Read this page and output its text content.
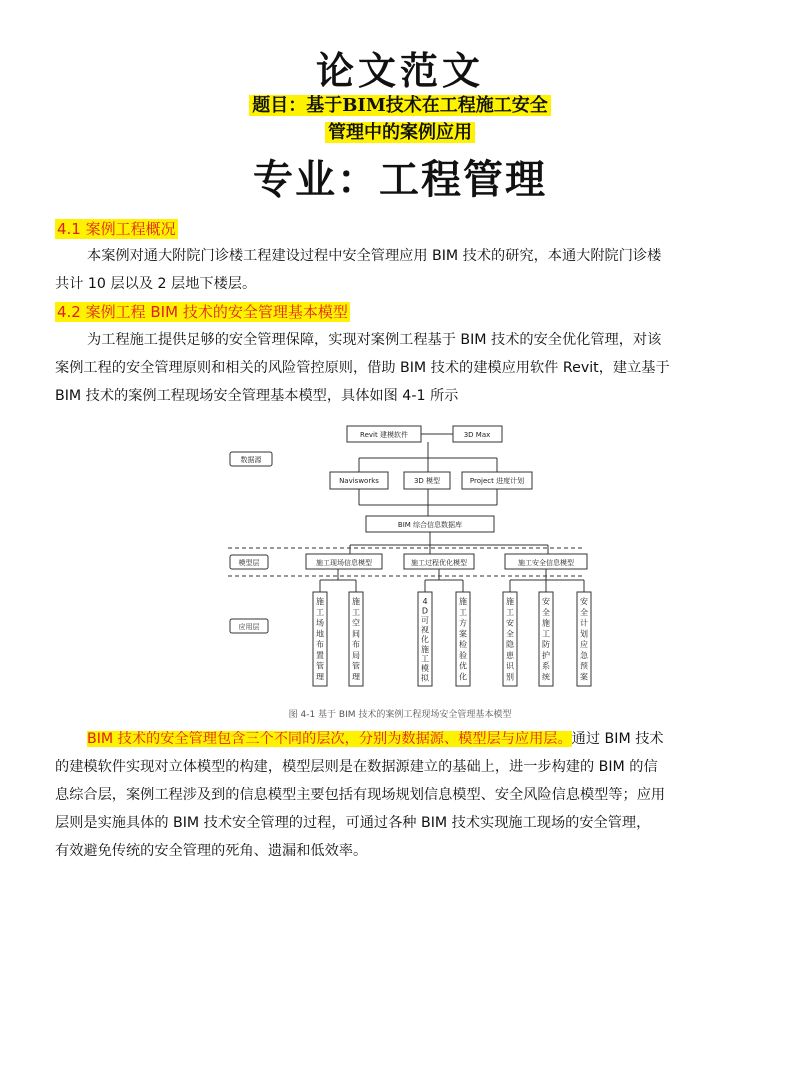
论文范文
题目：基于BIM技术在工程施工安全
管理中的案例应用
专业：工程管理
4.1 案例工程概况
本案例对通大附院门诊楼工程建设过程中安全管理应用 BIM 技术的研究，本通大附院门诊楼
共计 10 层以及 2 层地下楼层。
4.2 案例工程 BIM 技术的安全管理基本模型
为工程施工提供足够的安全管理保障，实现对案例工程基于 BIM 技术的安全优化管理，对该
案例工程的安全管理原则和相关的风险管控原则，借助 BIM 技术的建模应用软件 Revit，建立基于
BIM 技术的案例工程现场安全管理基本模型，具体如图 4-1 所示
数据源
模型层
应用层
Revit 建模软件	3D Max
Navisworks	3D 模型	Project 进度计划
BIM 综合信息数据库
施工现场信息模型	施工过程优化模型	施工安全信息模型
施工场地布置管理
施工空间布局管理
4 D 可视化施工模拟
施工方案检验优化
施工安全隐患识别
安全施工防护系统
安全计划应急预案
图 4-1 基于 BIM 技术的案例工程现场安全管理基本模型
BIM 技术的安全管理包含三个不同的层次，分别为数据源、模型层与应用层。通过 BIM 技术
的建模软件实现对立体模型的构建，模型层则是在数据源建立的基础上，进一步构建的 BIM 的信
息综合层，案例工程涉及到的信息模型主要包括有现场规划信息模型、安全风险信息模型等；应用
层则是实施具体的 BIM 技术安全管理的过程，可通过各种 BIM 技术实现施工现场的安全管理，
有效避免传统的安全管理的死角、遗漏和低效率。
